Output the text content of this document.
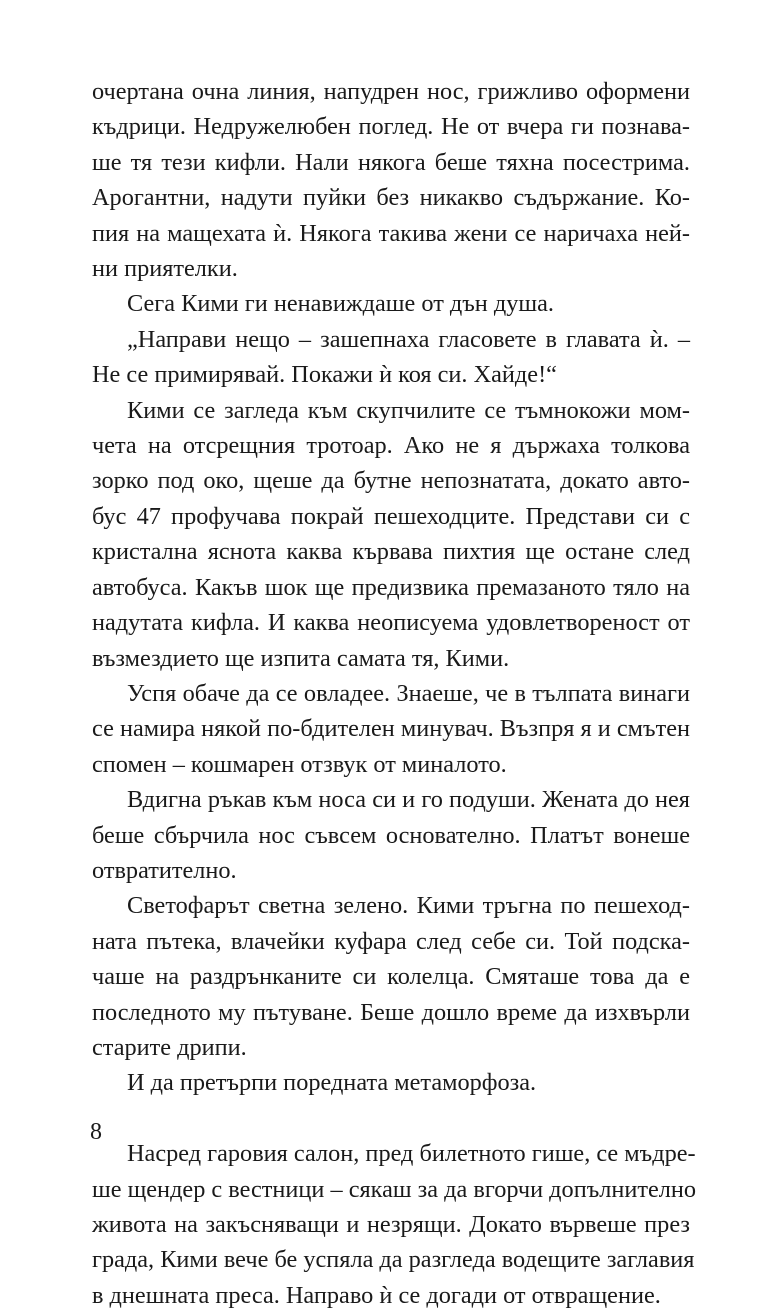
очертана очна линия, напудрен нос, грижливо оформени
къдрици. Недружелюбен поглед. Не от вчера ги познава-
ше тя тези кифли. Нали някога беше тяхна посестрима.
Арогантни, надути пуйки без никакво съдържание. Ко-
пия на мащехата ѝ. Някога такива жени се наричаха ней-
ни приятелки.

Сега Кими ги ненавиждаше от дън душа.

„Направи нещо – зашепнаха гласовете в главата ѝ. –
Не се примирявай. Покажи ѝ коя си. Хайде!“

Кими се загледа към скупчилите се тъмнокожи мом-
чета на отсрещния тротоар. Ако не я държаха толкова
зорко под око, щеше да бутне непознатата, докато авто-
бус 47 профучава покрай пешеходците. Представи си с
кристална яснота каква кървава пихтия ще остане след
автобуса. Какъв шок ще предизвика премазаното тяло на
надутата кифла. И каква неописуема удовлетвореност от
възмездието ще изпита самата тя, Кими.

Успя обаче да се овладее. Знаеше, че в тълпата винаги
се намира някой по-бдителен минувач. Възпря я и смътен
спомен – кошмарен отзвук от миналото.

Вдигна ръкав към носа си и го подуши. Жената до нея
беше сбърчила нос съвсем основателно. Платът вонеше
отвратително.

Светофарът светна зелено. Кими тръгна по пешеход-
ната пътека, влачейки куфара след себе си. Той подска-
чаше на раздрънканите си колелца. Смяташе това да е
последното му пътуване. Беше дошло време да изхвърли
старите дрипи.

И да претърпи поредната метаморфоза.

Насред гаровия салон, пред билетното гише, се мъдре-
ше щендер с вестници – сякаш за да вгорчи допълнително
живота на закъсняващи и незрящи. Докато вървеше през
града, Кими вече бе успяла да разгледа водещите заглавия
в днешната преса. Направо ѝ се догади от отвращение.

8
